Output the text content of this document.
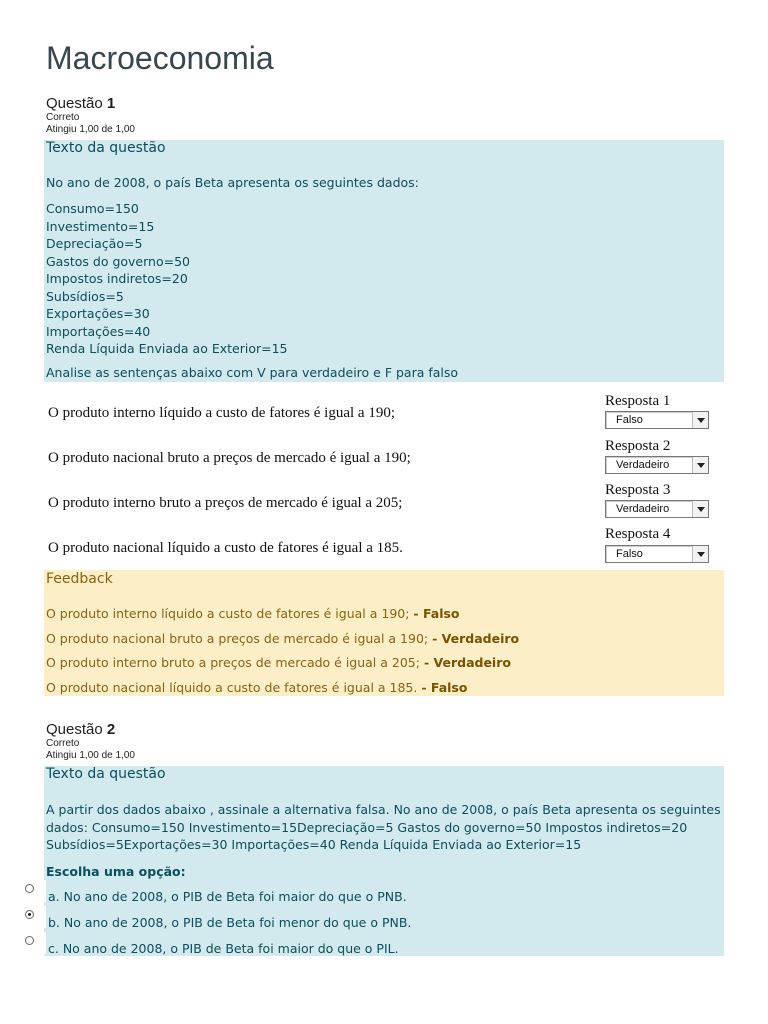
Macroeconomia
Questão 1
Correto
Atingiu 1,00 de 1,00
Texto da questão

No ano de 2008, o país Beta apresenta os seguintes dados:

Consumo=150
Investimento=15
Depreciação=5
Gastos do governo=50
Impostos indiretos=20
Subsídios=5
Exportações=30
Importações=40
Renda Líquida Enviada ao Exterior=15

Analise as sentenças abaixo com V para verdadeiro e F para falso

O produto interno líquido a custo de fatores é igual a 190;
O produto nacional bruto a preços de mercado é igual a 190;
O produto interno bruto a preços de mercado é igual a 205;
O produto nacional líquido a custo de fatores é igual a 185.
Resposta 1
Falso
Resposta 2
Verdadeiro
Resposta 3
Verdadeiro
Resposta 4
Falso
Feedback

O produto interno líquido a custo de fatores é igual a 190; - Falso

O produto nacional bruto a preços de mercado é igual a 190; - Verdadeiro

O produto interno bruto a preços de mercado é igual a 205; - Verdadeiro

O produto nacional líquido a custo de fatores é igual a 185. - Falso

Questão 2
Correto
Atingiu 1,00 de 1,00
Texto da questão
A partir dos dados abaixo , assinale a alternativa falsa. No ano de 2008, o país Beta apresenta os seguintes
dados: Consumo=150 Investimento=15Depreciação=5 Gastos do governo=50 Impostos indiretos=20
Subsídios=5Exportações=30 Importações=40 Renda Líquida Enviada ao Exterior=15

Escolha uma opção:

a. No ano de 2008, o PIB de Beta foi maior do que o PNB.
b. No ano de 2008, o PIB de Beta foi menor do que o PNB.
c. No ano de 2008, o PIB de Beta foi maior do que o PIL.
